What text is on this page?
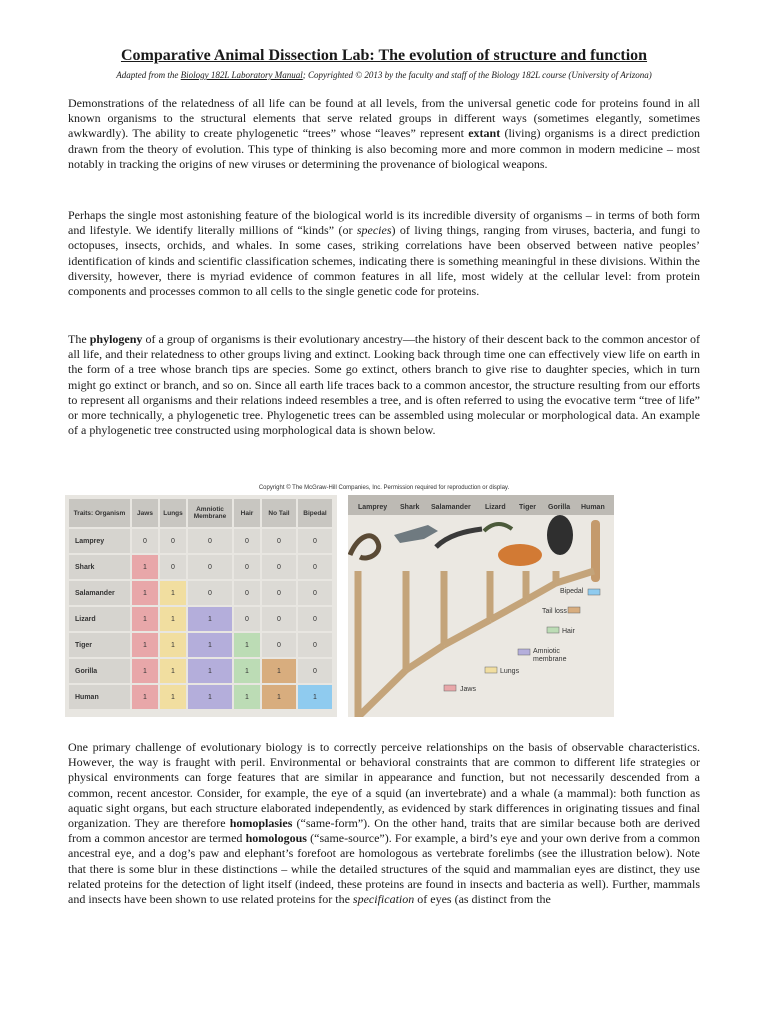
Comparative Animal Dissection Lab: The evolution of structure and function
Adapted from the Biology 182L Laboratory Manual; Copyrighted © 2013 by the faculty and staff of the Biology 182L course (University of Arizona)

Demonstrations of the relatedness of all life can be found at all levels, from the universal genetic code for proteins found in all known organisms to the structural elements that serve related groups in different ways (sometimes elegantly, sometimes awkwardly). The ability to create phylogenetic “trees” whose “leaves” represent extant (living) organisms is a direct prediction drawn from the theory of evolution. This type of thinking is also becoming more and more common in modern medicine – most notably in tracking the origins of new viruses or determining the provenance of biological weapons.

Perhaps the single most astonishing feature of the biological world is its incredible diversity of organisms – in terms of both form and lifestyle. We identify literally millions of “kinds” (or species) of living things, ranging from viruses, bacteria, and fungi to octopuses, insects, orchids, and whales. In some cases, striking correlations have been observed between native peoples’ identification of kinds and scientific classification schemes, indicating there is something meaningful in these divisions. Within the diversity, however, there is myriad evidence of common features in all life, most widely at the cellular level: from protein components and processes common to all cells to the single genetic code for proteins.

The phylogeny of a group of organisms is their evolutionary ancestry—the history of their descent back to the common ancestor of all life, and their relatedness to other groups living and extinct. Looking back through time one can effectively view life on earth in the form of a tree whose branch tips are species. Some go extinct, others branch to give rise to daughter species, which in turn might go extinct or branch, and so on. Since all earth life traces back to a common ancestor, the structure resulting from our efforts to represent all organisms and their relations indeed resembles a tree, and is often referred to using the evocative term “tree of life” or more technically, a phylogenetic tree. Phylogenetic trees can be assembled using molecular or morphological data. An example of a phylogenetic tree constructed using morphological data is shown below.

Copyright © The McGraw-Hill Companies, Inc. Permission required for reproduction or display.
Traits: Organism	Jaws	Lungs	Amniotic Membrane	Hair	No Tail	Bipedal
Lamprey	0	0	0	0	0	0
Shark	1	0	0	0	0	0
Salamander	1	1	0	0	0	0
Lizard	1	1	1	0	0	0
Tiger	1	1	1	1	0	0
Gorilla	1	1	1	1	1	0
Human	1	1	1	1	1	1
Lamprey Shark Salamander Lizard Tiger Gorilla Human
Jaws
Lungs
Amniotic
membrane
Hair
Tail loss
Bipedal

One primary challenge of evolutionary biology is to correctly perceive relationships on the basis of observable characteristics. However, the way is fraught with peril. Environmental or behavioral constraints that are common to different life strategies or physical environments can forge features that are similar in appearance and function, but not necessarily descended from a common, recent ancestor. Consider, for example, the eye of a squid (an invertebrate) and a whale (a mammal): both function as aquatic sight organs, but each structure elaborated independently, as evidenced by stark differences in originating tissues and final organization. They are therefore homoplasies (“same-form”). On the other hand, traits that are similar because both are derived from a common ancestor are termed homologous (“same-source”). For example, a bird’s eye and your own derive from a common ancestral eye, and a dog’s paw and elephant’s forefoot are homologous as vertebrate forelimbs (see the illustration below). Note that there is some blur in these distinctions – while the detailed structures of the squid and mammalian eyes are distinct, they use related proteins for the detection of light itself (indeed, these proteins are found in insects and bacteria as well). Further, mammals and insects have been shown to use related proteins for the specification of eyes (as distinct from the
